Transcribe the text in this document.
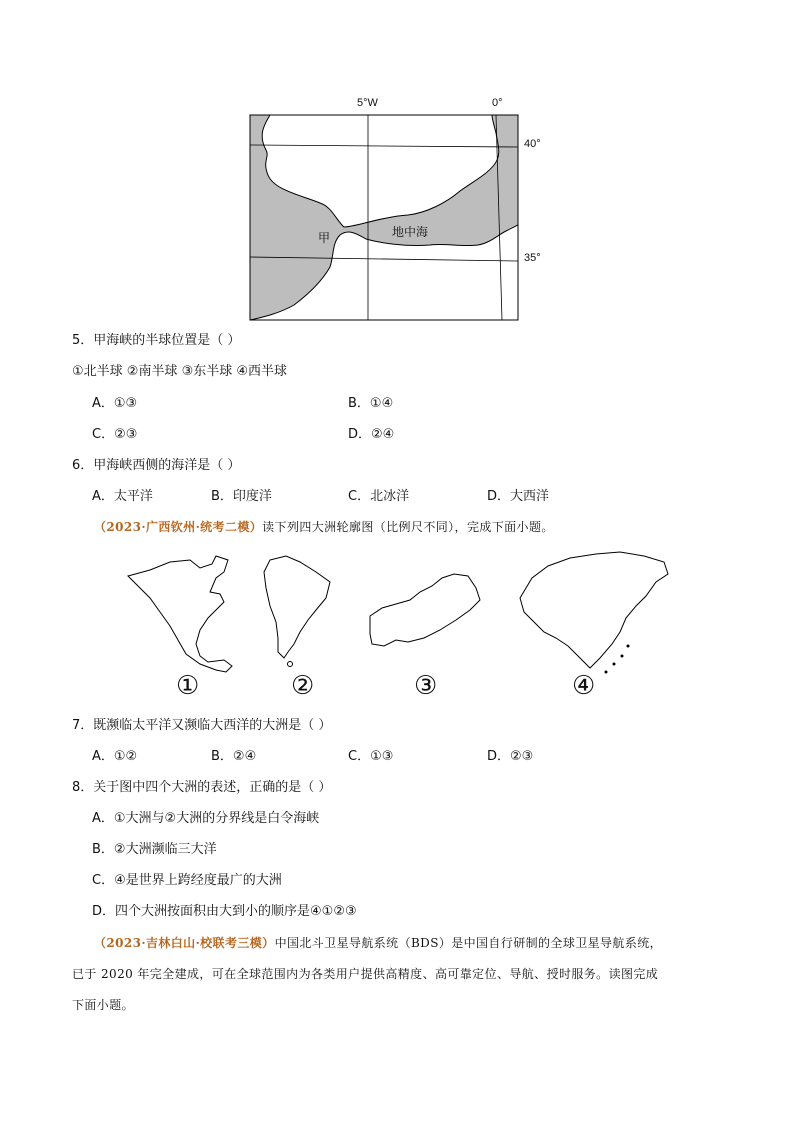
5°W	0°
40°
35°
甲	地中海
5．甲海峡的半球位置是（ ）
①北半球 ②南半球 ③东半球 ④西半球
A．①③	B．①④
C．②③	D．②④
6．甲海峡西侧的海洋是（ ）
A．太平洋	B．印度洋	C．北冰洋	D．大西洋
（2023·广西钦州·统考二模）读下列四大洲轮廓图（比例尺不同），完成下面小题。
①	②	③	④
7．既濒临太平洋又濒临大西洋的大洲是（ ）
A．①②	B．②④	C．①③	D．②③
8．关于图中四个大洲的表述，正确的是（ ）
A．①大洲与②大洲的分界线是白令海峡
B．②大洲濒临三大洋
C．④是世界上跨经度最广的大洲
D．四个大洲按面积由大到小的顺序是④①②③
（2023·吉林白山·校联考三模）中国北斗卫星导航系统（BDS）是中国自行研制的全球卫星导航系统，
已于 2020 年完全建成，可在全球范围内为各类用户提供高精度、高可靠定位、导航、授时服务。读图完成
下面小题。
